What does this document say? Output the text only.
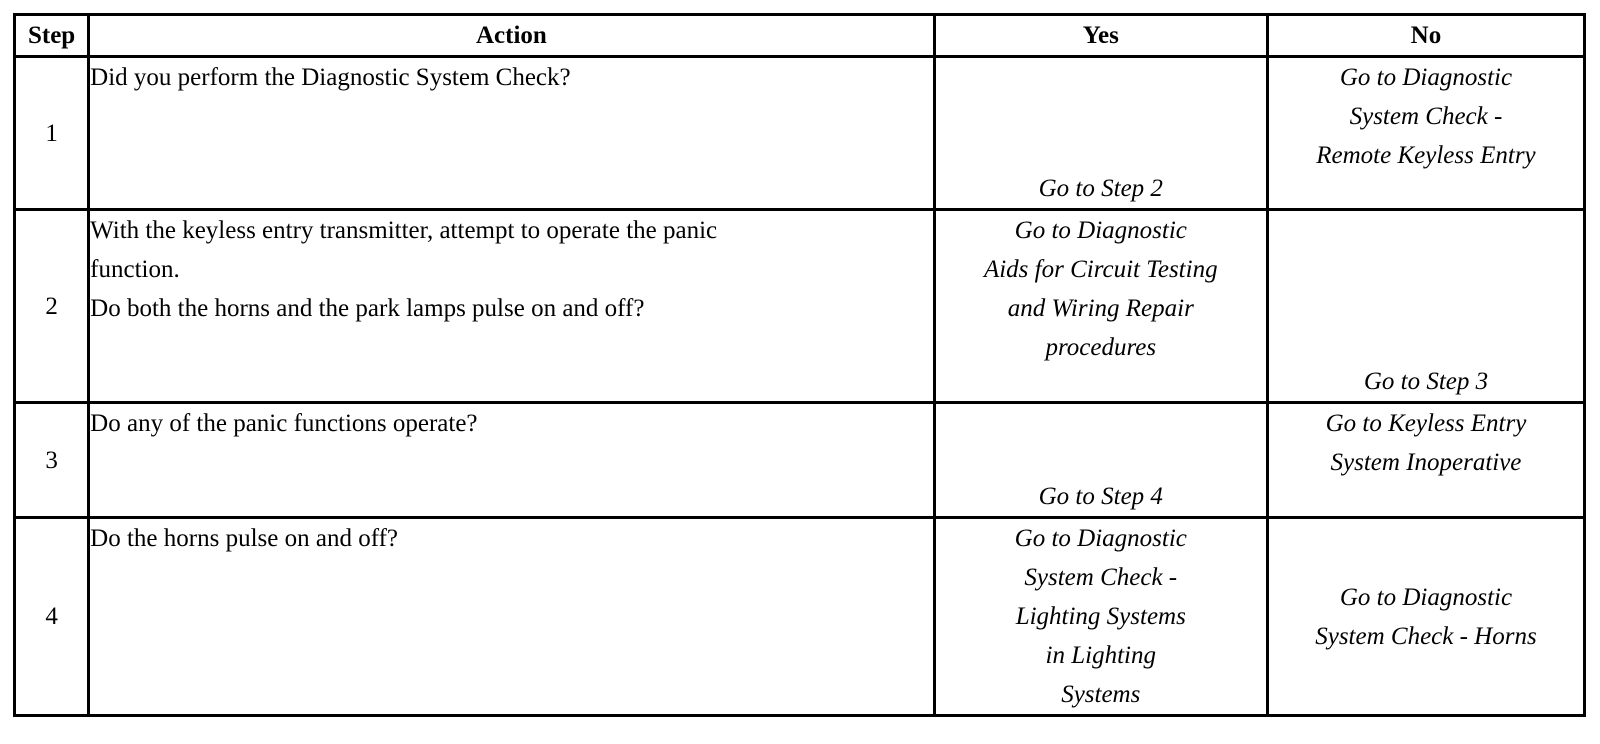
Step	Action	Yes	No
1	Did you perform the Diagnostic System Check?	Go to Step 2	Go to Diagnostic
System Check -
Remote Keyless Entry

2	With the keyless entry transmitter, attempt to operate the panic
function.
Do both the horns and the park lamps pulse on and off?	Go to Diagnostic
Aids for Circuit Testing
and Wiring Repair
procedures	Go to Step 3

3	Do any of the panic functions operate?	Go to Step 4	Go to Keyless Entry
System Inoperative

4	Do the horns pulse on and off?	Go to Diagnostic
System Check -
Lighting Systems
in Lighting
Systems	Go to Diagnostic
System Check - Horns
